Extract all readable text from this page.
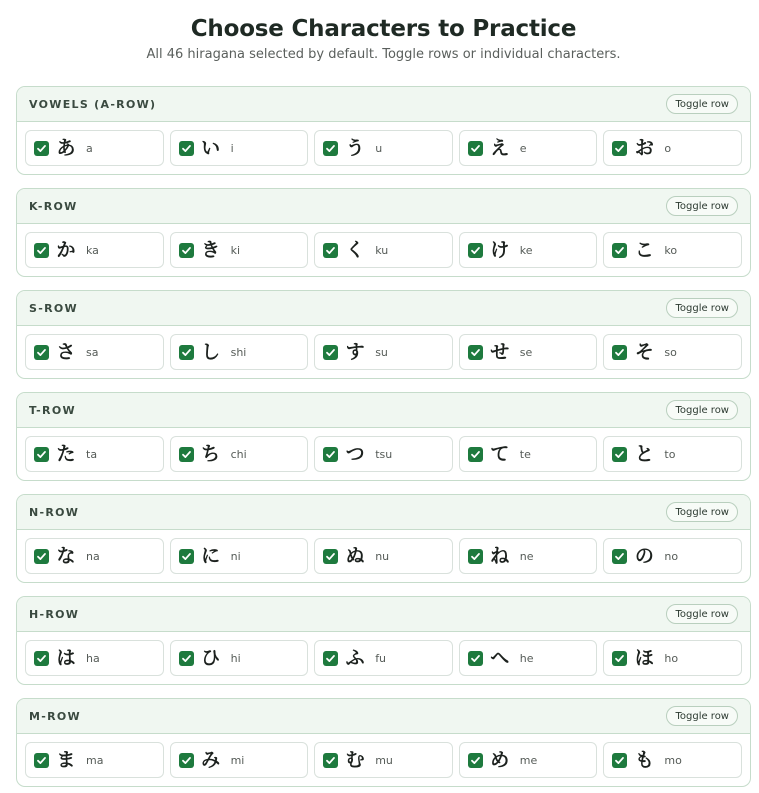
Choose Characters to Practice

All 46 hiragana selected by default. Toggle rows or individual characters.

VOWELS (A-ROW)	Toggle row
あ a	い i	う u	え e	お o
K-ROW	Toggle row
か ka	き ki	く ku	け ke	こ ko
S-ROW	Toggle row
さ sa	し shi	す su	せ se	そ so
T-ROW	Toggle row
た ta	ち chi	つ tsu	て te	と to
N-ROW	Toggle row
な na	に ni	ぬ nu	ね ne	の no
H-ROW	Toggle row
は ha	ひ hi	ふ fu	へ he	ほ ho
M-ROW	Toggle row
ま ma	み mi	む mu	め me	も mo
